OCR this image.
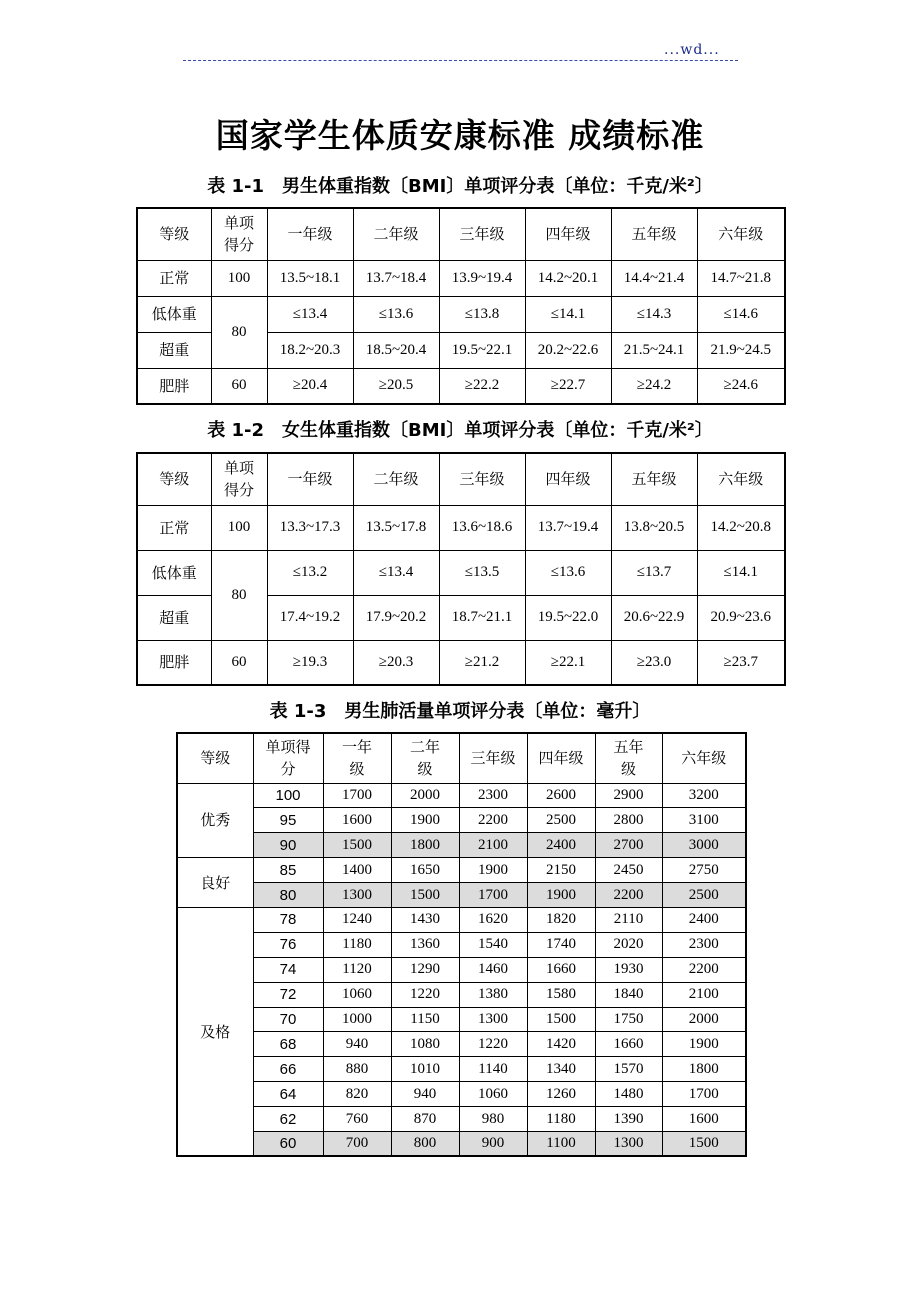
...wd...
国家学生体质安康标准 成绩标准
表 1-1　男生体重指数〔BMI〕单项评分表〔单位：千克/米²〕
等级	单项得分	一年级	二年级	三年级	四年级	五年级	六年级
正常	100	13.5~18.1	13.7~18.4	13.9~19.4	14.2~20.1	14.4~21.4	14.7~21.8
低体重	80	≤13.4	≤13.6	≤13.8	≤14.1	≤14.3	≤14.6
超重		18.2~20.3	18.5~20.4	19.5~22.1	20.2~22.6	21.5~24.1	21.9~24.5
肥胖	60	≥20.4	≥20.5	≥22.2	≥22.7	≥24.2	≥24.6
表 1-2　女生体重指数〔BMI〕单项评分表〔单位：千克/米²〕
等级	单项得分	一年级	二年级	三年级	四年级	五年级	六年级
正常	100	13.3~17.3	13.5~17.8	13.6~18.6	13.7~19.4	13.8~20.5	14.2~20.8
低体重	80	≤13.2	≤13.4	≤13.5	≤13.6	≤13.7	≤14.1
超重		17.4~19.2	17.9~20.2	18.7~21.1	19.5~22.0	20.6~22.9	20.9~23.6
肥胖	60	≥19.3	≥20.3	≥21.2	≥22.1	≥23.0	≥23.7
表 1-3　男生肺活量单项评分表〔单位：毫升〕
等级	单项得分	一年级	二年级	三年级	四年级	五年级	六年级
优秀	100	1700	2000	2300	2600	2900	3200
	95	1600	1900	2200	2500	2800	3100
	90	1500	1800	2100	2400	2700	3000
良好	85	1400	1650	1900	2150	2450	2750
	80	1300	1500	1700	1900	2200	2500
及格	78	1240	1430	1620	1820	2110	2400
	76	1180	1360	1540	1740	2020	2300
	74	1120	1290	1460	1660	1930	2200
	72	1060	1220	1380	1580	1840	2100
	70	1000	1150	1300	1500	1750	2000
	68	940	1080	1220	1420	1660	1900
	66	880	1010	1140	1340	1570	1800
	64	820	940	1060	1260	1480	1700
	62	760	870	980	1180	1390	1600
	60	700	800	900	1100	1300	1500
